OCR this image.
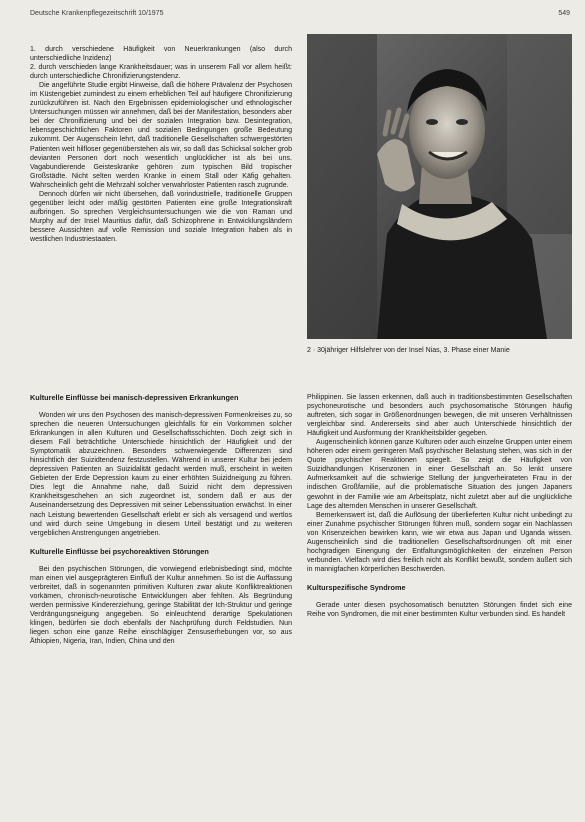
Deutsche Krankenpflegezeitschrift 10/1975	549

1. durch verschiedene Häufigkeit von Neuerkrankungen (also durch unterschiedliche Inzidenz)

2. durch verschieden lange Krankheitsdauer; was in unserem Fall vor allem heißt: durch unterschiedliche Chronifizierungstendenz.

Die angeführte Studie ergibt Hinweise, daß die höhere Prävalenz der Psychosen im Küstengebiet zumindest zu einem erheblichen Teil auf häufigere Chronifizierung zurückzuführen ist. Nach den Ergebnissen epidemiologischer und ethnologischer Untersuchungen müssen wir annehmen, daß bei der Manifestation, besonders aber bei der Chronifizierung und bei der sozialen Integration bzw. Desintegration, lebensgeschichtlichen Faktoren und sozialen Bedingungen große Bedeutung zukommt. Der Augenschein lehrt, daß traditionelle Gesellschaften schwergestörten Patienten weit hilfloser gegenüberstehen als wir, so daß das Schicksal solcher grob devianten Personen dort noch wesentlich unglücklicher ist als bei uns. Vagabundierende Geisteskranke gehören zum typischen Bild tropischer Großstädte. Nicht selten werden Kranke in einem Stall oder Käfig gehalten. Wahrscheinlich geht die Mehrzahl solcher verwahrloster Patienten rasch zugrunde.

Dennoch dürfen wir nicht übersehen, daß vorindustrielle, traditionelle Gruppen gegenüber leicht oder mäßig gestörten Patienten eine große Integrationskraft aufbringen. So sprechen Vergleichsuntersuchungen wie die von Raman und Murphy auf der Insel Mauritius dafür, daß Schizophrene in Entwicklungsländern bessere Aussichten auf volle Remission und soziale Integration haben als in westlichen Industriestaaten.

2 · 30jähriger Hilfslehrer von der Insel Nias, 3. Phase einer Manie
Kulturelle Einflüsse bei manisch-depressiven Erkrankungen

Wonden wir uns den Psychosen des manisch-depressiven Formenkreises zu, so sprechen die neueren Untersuchungen gleichfalls für ein Vorkommen solcher Erkrankungen in allen Kulturen und Gesellschaftsschichten. Doch zeigt sich in diesem Fall beträchtliche Unterschiede hinsichtlich der Häufigkeit und der Symptomatik abzuzeichnen. Besonders schwerwiegende Differenzen sind hinsichtlich der Suizidtendenz festzustellen. Während in unserer Kultur bei jedem depressiven Patienten an Suizidalität gedacht werden muß, erscheint in weiten Gebieten der Erde Depression kaum zu einer erhöhten Suizidneigung zu führen. Dies legt die Annahme nahe, daß Suizid nicht dem depressiven Krankheitsgeschehen an sich zugeordnet ist, sondern daß er aus der Auseinandersetzung des Depressiven mit seiner Lebenssituation erwächst. In einer nach Leistung bewertenden Gesellschaft erlebt er sich als versagend und wertlos und wird durch seine Umgebung in diesem Urteil bestätigt und zu weiteren vergeblichen Anstrengungen angetrieben.

Kulturelle Einflüsse bei psychoreaktiven Störungen

Bei den psychischen Störungen, die vorwiegend erlebnisbedingt sind, möchte man einen viel ausgeprägteren Einfluß der Kultur annehmen. So ist die Auffassung verbreitet, daß in sogenannten primitiven Kulturen zwar akute Konfliktreaktionen vorkämen, chronisch-neurotische Entwicklungen aber fehlten. Als Begründung werden permissive Kindererziehung, geringe Stabilität der Ich-Struktur und geringe Verdrängungsneigung angegeben. So einleuchtend derartige Spekulationen klingen, bedürfen sie doch ebenfalls der Nachprüfung durch Feldstudien. Nun liegen schon eine ganze Reihe einschlägiger Zensuserhebungen vor, so aus Äthiopien, Nigeria, Iran, Indien, China und den

Philippinen. Sie lassen erkennen, daß auch in traditionsbestimmten Gesellschaften psychoneurotische und besonders auch psychosomatische Störungen häufig auftreten, sich sogar in Größenordnungen bewegen, die mit unseren Verhältnissen vergleichbar sind. Andererseits sind aber auch Unterschiede hinsichtlich der Häufigkeit und Ausformung der Krankheitsbilder gegeben.

Augenscheinlich können ganze Kulturen oder auch einzelne Gruppen unter einem höheren oder einem geringeren Maß psychischer Belastung stehen, was sich in der Quote psychischer Reaktionen spiegelt. So zeigt die Häufigkeit von Suizidhandlungen Krisenzonen in einer Gesellschaft an. So lenkt unsere Aufmerksamkeit auf die schwierige Stellung der jungverheirateten Frau in der indischen Großfamilie, auf die problematische Situation des jungen Japaners gewohnt in der Familie wie am Arbeitsplatz, nicht zuletzt aber auf die unglückliche Lage des alternden Menschen in unserer Gesellschaft.

Bemerkenswert ist, daß die Auflösung der überlieferten Kultur nicht unbedingt zu einer Zunahme psychischer Störungen führen muß, sondern sogar ein Nachlassen von Krisenzeichen bewirken kann, wie wir etwa aus Japan und Uganda wissen. Augenscheinlich sind die traditionellen Gesellschaftsordnungen oft mit einer hochgradigen Einengung der Entfaltungsmöglichkeiten der einzelnen Person verbunden. Vielfach wird dies freilich nicht als Konflikt bewußt, sondern äußert sich in mannigfachen körperlichen Beschwerden.

Kulturspezifische Syndrome

Gerade unter diesen psychosomatisch benutzten Störungen findet sich eine Reihe von Syndromen, die mit einer bestimmten Kultur verbunden sind. Es handelt
